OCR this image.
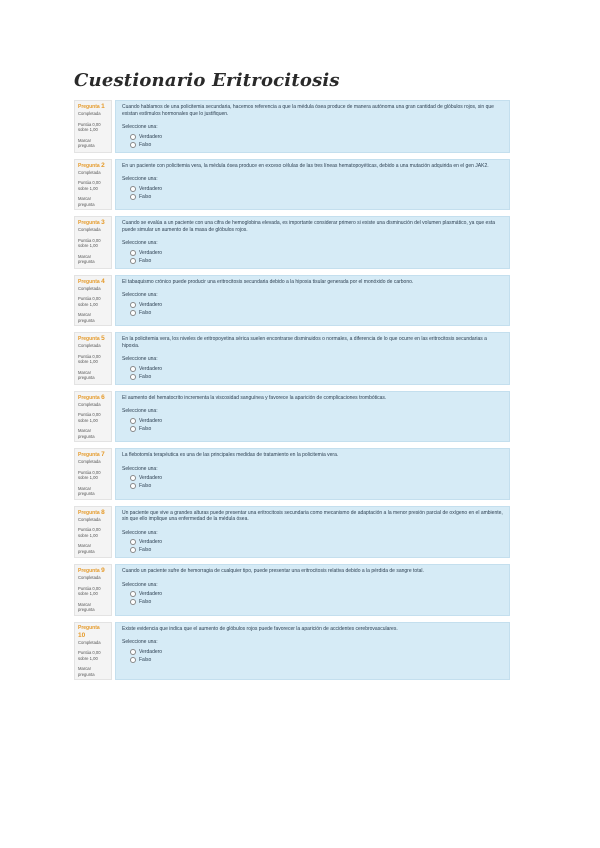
Cuestionario Eritrocitosis
Pregunta 1
Completada
Puntúa 0,00 sobre 1,00
Marcar pregunta
Cuando hablamos de una policitemia secundaria, hacemos referencia a que la médula ósea produce de manera autónoma una gran cantidad de glóbulos rojos, sin que existan estímulos hormonales que lo justifiquen.
Seleccione una:
Verdadero
Falso
Pregunta 2
Completada
Puntúa 0,00 sobre 1,00
Marcar pregunta
En un paciente con policitemia vera, la médula ósea produce en exceso células de las tres líneas hematopoyéticas, debido a una mutación adquirida en el gen JAK2.
Seleccione una:
Verdadero
Falso
Pregunta 3
Completada
Puntúa 0,00 sobre 1,00
Marcar pregunta
Cuando se evalúa a un paciente con una cifra de hemoglobina elevada, es importante considerar primero si existe una disminución del volumen plasmático, ya que esta puede simular un aumento de la masa de glóbulos rojos.
Seleccione una:
Verdadero
Falso
Pregunta 4
Completada
Puntúa 0,00 sobre 1,00
Marcar pregunta
El tabaquismo crónico puede producir una eritrocitosis secundaria debido a la hipoxia tisular generada por el monóxido de carbono.
Seleccione una:
Verdadero
Falso
Pregunta 5
Completada
Puntúa 0,00 sobre 1,00
Marcar pregunta
En la policitemia vera, los niveles de eritropoyetina sérica suelen encontrarse disminuidos o normales, a diferencia de lo que ocurre en las eritrocitosis secundarias a hipoxia.
Seleccione una:
Verdadero
Falso
Pregunta 6
Completada
Puntúa 0,00 sobre 1,00
Marcar pregunta
El aumento del hematocrito incrementa la viscosidad sanguínea y favorece la aparición de complicaciones trombóticas.
Seleccione una:
Verdadero
Falso
Pregunta 7
Completada
Puntúa 0,00 sobre 1,00
Marcar pregunta
La flebotomía terapéutica es una de las principales medidas de tratamiento en la policitemia vera.
Seleccione una:
Verdadero
Falso
Pregunta 8
Completada
Puntúa 0,00 sobre 1,00
Marcar pregunta
Un paciente que vive a grandes alturas puede presentar una eritrocitosis secundaria como mecanismo de adaptación a la menor presión parcial de oxígeno en el ambiente, sin que ello implique una enfermedad de la médula ósea.
Seleccione una:
Verdadero
Falso
Pregunta 9
Completada
Puntúa 0,00 sobre 1,00
Marcar pregunta
Cuando un paciente sufre de hemorragia de cualquier tipo, puede presentar una eritrocitosis relativa debido a la pérdida de sangre total.
Seleccione una:
Verdadero
Falso
Pregunta 10
Completada
Puntúa 0,00 sobre 1,00
Marcar pregunta
Existe evidencia que indica que el aumento de glóbulos rojos puede favorecer la aparición de accidentes cerebrovasculares.
Seleccione una:
Verdadero
Falso
